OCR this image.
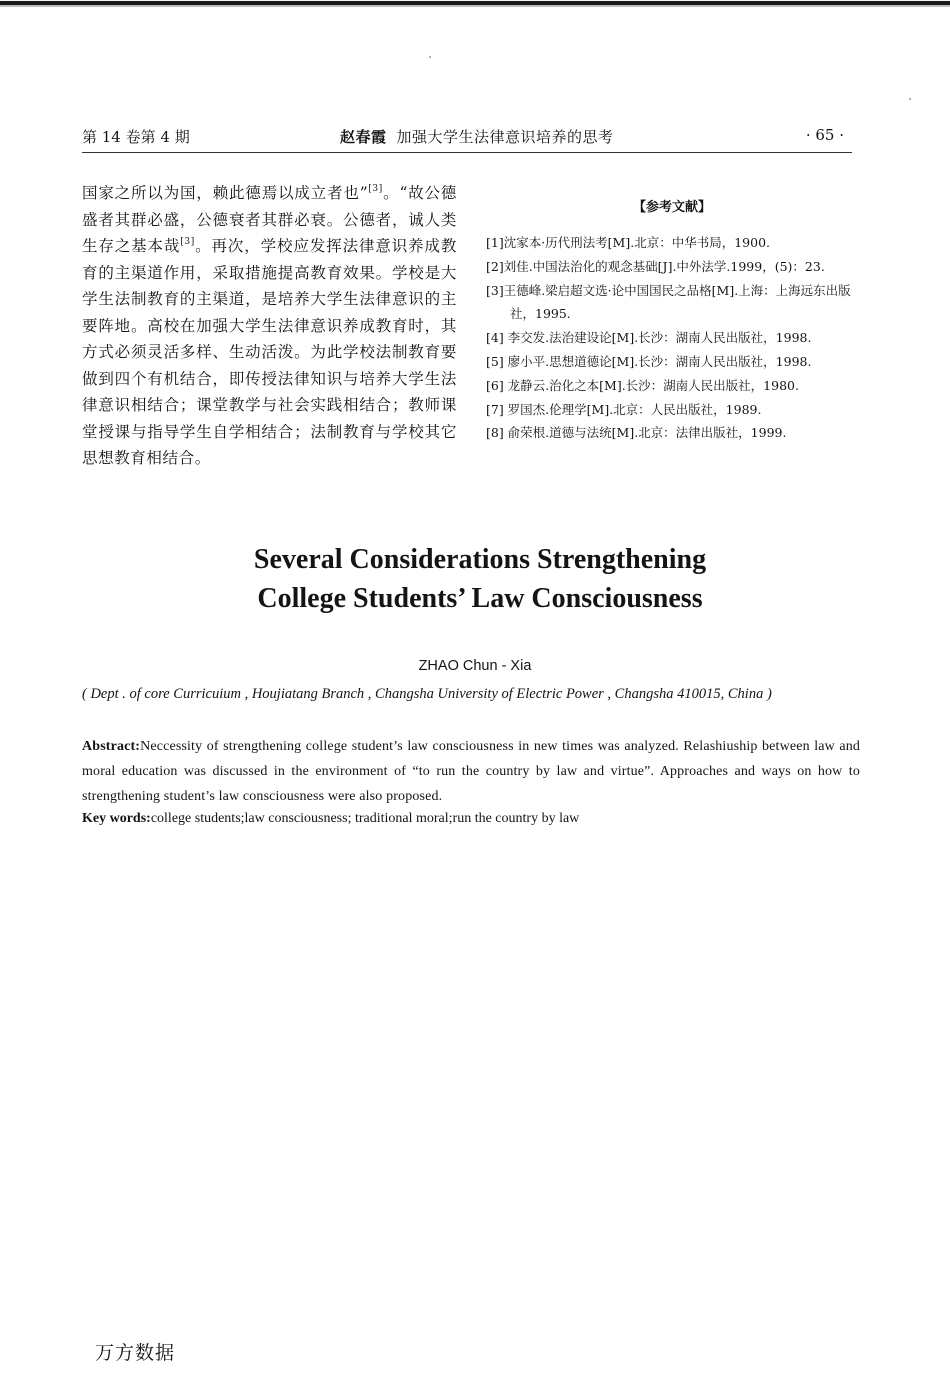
第 14 卷第 4 期	赵春霞 加强大学生法律意识培养的思考	· 65 ·
国家之所以为国，赖此德焉以成立者也”[3]。“故公德盛者其群必盛，公德衰者其群必衰。公德者，诚人类生存之基本哉[3]。再次，学校应发挥法律意识养成教育的主渠道作用，采取措施提高教育效果。学校是大学生法制教育的主渠道，是培养大学生法律意识的主要阵地。高校在加强大学生法律意识养成教育时，其方式必须灵活多样、生动活泼。为此学校法制教育要做到四个有机结合，即传授法律知识与培养大学生法律意识相结合；课堂教学与社会实践相结合；教师课堂授课与指导学生自学相结合；法制教育与学校其它思想教育相结合。
【参考文献】
[1]沈家本·历代刑法考[M].北京：中华书局，1900.
[2]刘佳.中国法治化的观念基础[J].中外法学.1999，(5)：23.
[3]王德峰.梁启超文选·论中国国民之品格[M].上海：上海远东出版社，1995.
[4] 李交发.法治建设论[M].长沙：湖南人民出版社，1998.
[5] 廖小平.思想道德论[M].长沙：湖南人民出版社，1998.
[6] 龙静云.治化之本[M].长沙：湖南人民出版社，1980.
[7] 罗国杰.伦理学[M].北京：人民出版社，1989.
[8] 俞荣根.道德与法统[M].北京：法律出版社，1999.
Several Considerations Strengthening
College Students’ Law Consciousness
ZHAO Chun - Xia
( Dept . of core Curricuium , Houjiatang Branch , Changsha University of Electric Power , Changsha 410015, China )
Abstract:Neccessity of strengthening college student’s law consciousness in new times was analyzed. Relashiuship between law and moral education was discussed in the environment of “to run the country by law and virtue”. Approaches and ways on how to strengthening student’s law consciousness were also proposed.
Key words:college students;law consciousness; traditional moral;run the country by law
万方数据
